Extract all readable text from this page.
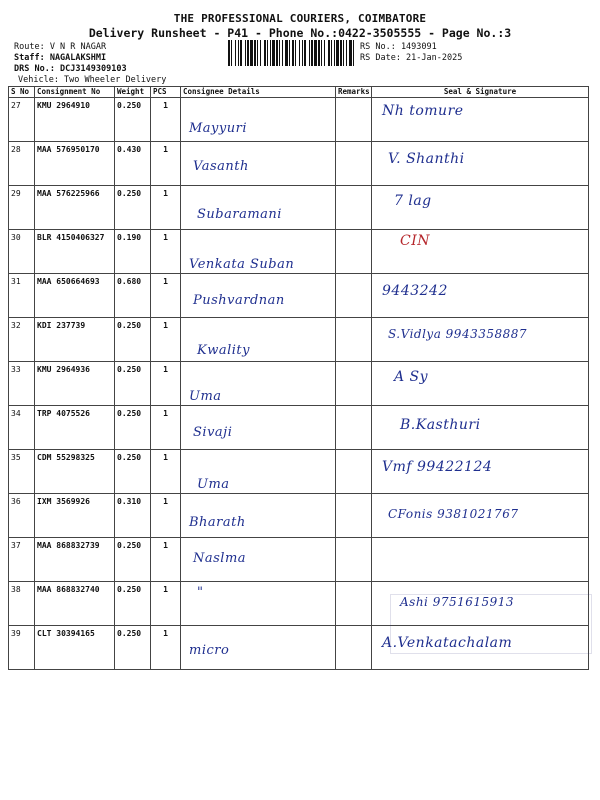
THE PROFESSIONAL COURIERS, COIMBATORE
Delivery Runsheet - P41 - Phone No.:0422-3505555 - Page No.:3
Route: V N R NAGAR
Staff: NAGALAKSHMI
DRS No.: DCJ3149309103
Vehicle: Two Wheeler Delivery
RS No.: 1493091
RS Date: 21-Jan-2025
S No	Consignment No	Weight	PCS	Consignee Details	Remarks	Seal & Signature
27	KMU 2964910	0.250	1	Mayyuri		Nh tomure
28	MAA 576950170	0.430	1	Vasanth		V. Shanthi
29	MAA 576225966	0.250	1	Subaramani		7 lag
30	BLR 4150406327	0.190	1	Venkata Suban		CIN
31	MAA 650664693	0.680	1	Pushvardnan		9443242
32	KDI 237739	0.250	1	Kwality		S.Vidlya 9943358887
33	KMU 2964936	0.250	1	Uma		A Sy
34	TRP 4075526	0.250	1	Sivaji		B.Kasthuri
35	CDM 55298325	0.250	1	Uma		Vmf 99422124
36	IXM 3569926	0.310	1	Bharath		CFonis 9381021767
37	MAA 868832739	0.250	1	Naslma		
38	MAA 868832740	0.250	1	"		Ashi 9751615913
39	CLT 30394165	0.250	1	micro		A.Venkatachalam
